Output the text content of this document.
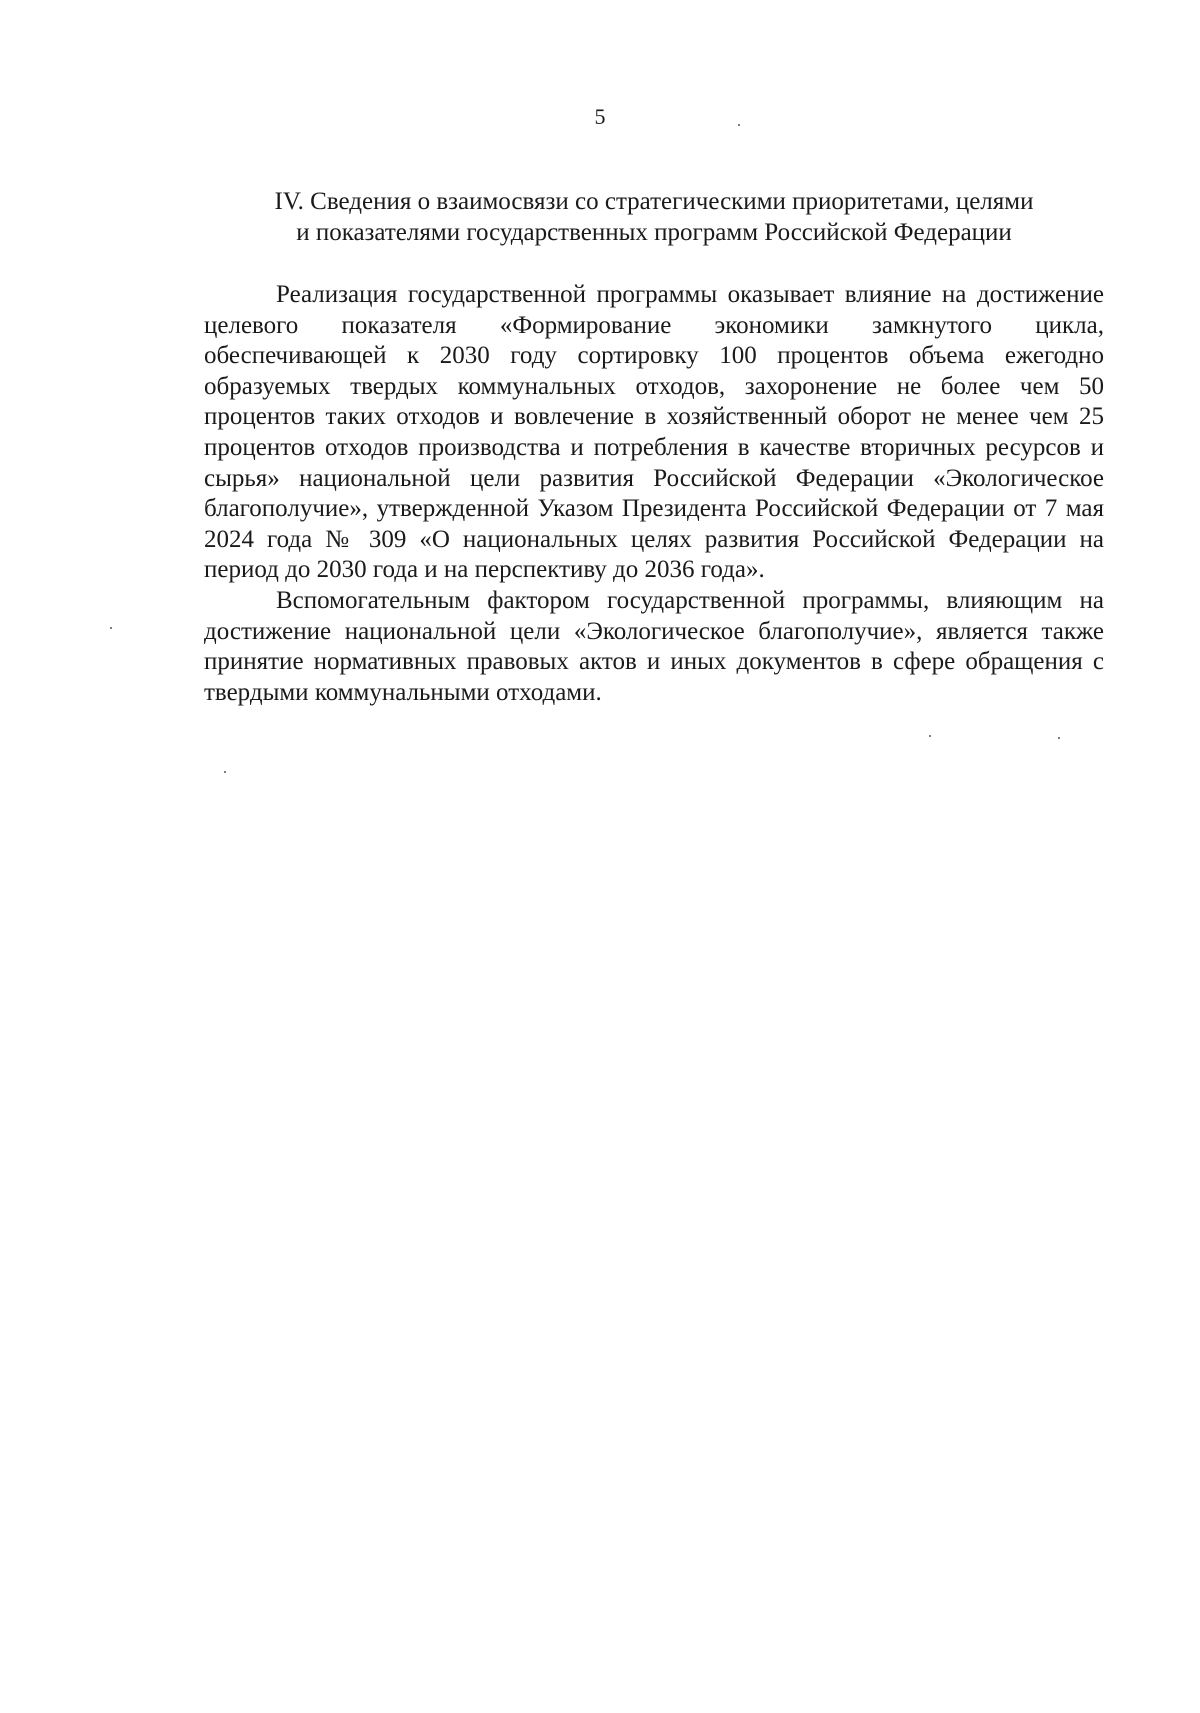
5
IV. Сведения о взаимосвязи со стратегическими приоритетами, целями
и показателями государственных программ Российской Федерации

Реализация государственной программы оказывает влияние на достижение целевого показателя «Формирование экономики замкнутого цикла, обеспечивающей к 2030 году сортировку 100 процентов объема ежегодно образуемых твердых коммунальных отходов, захоронение не более чем 50 процентов таких отходов и вовлечение в хозяйственный оборот не менее чем 25 процентов отходов производства и потребления в качестве вторичных ресурсов и сырья» национальной цели развития Российской Федерации «Экологическое благополучие», утвержденной Указом Президента Российской Федерации от 7 мая 2024 года № 309 «О национальных целях развития Российской Федерации на период до 2030 года и на перспективу до 2036 года».

Вспомогательным фактором государственной программы, влияющим на достижение национальной цели «Экологическое благополучие», является также принятие нормативных правовых актов и иных документов в сфере обращения с твердыми коммунальными отходами.
